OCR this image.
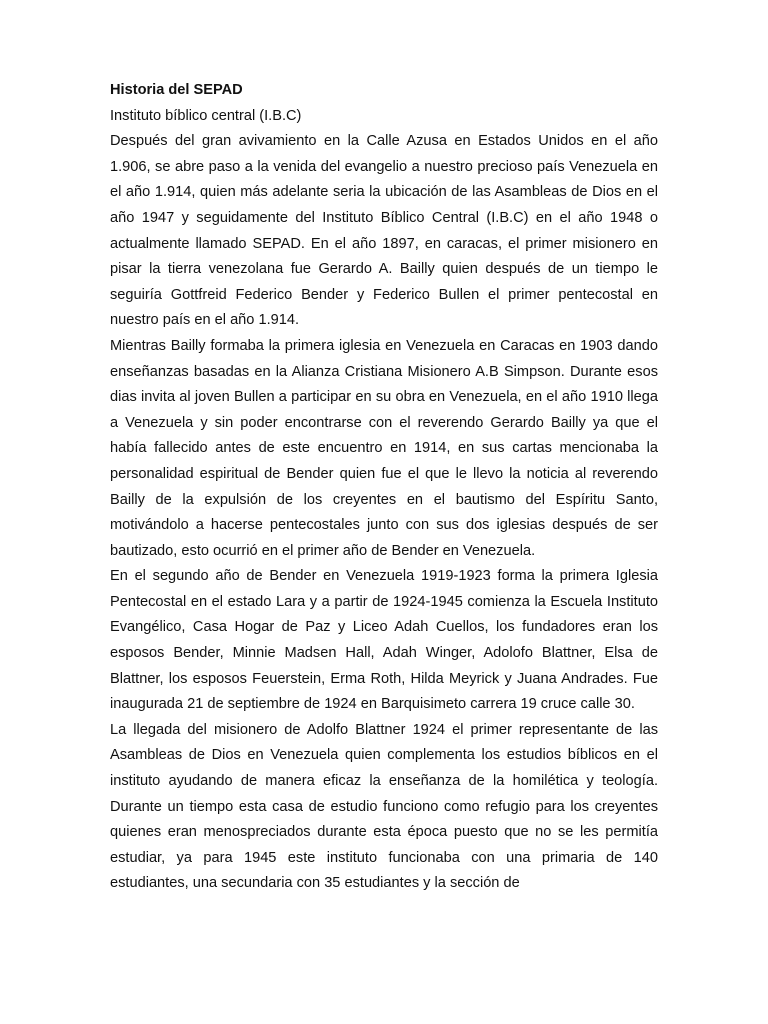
Historia del SEPAD

Instituto bíblico central (I.B.C)

Después del gran avivamiento en la Calle Azusa en Estados Unidos en el año 1.906, se abre paso a la venida del evangelio a nuestro precioso país Venezuela en el año 1.914, quien más adelante seria la ubicación de las Asambleas de Dios en el año 1947 y seguidamente del Instituto Bíblico Central (I.B.C) en el año 1948 o actualmente llamado SEPAD. En el año 1897, en caracas, el primer misionero en pisar la tierra venezolana fue Gerardo A. Bailly quien después de un tiempo le seguiría Gottfreid Federico Bender y Federico Bullen el primer pentecostal en nuestro país en el año 1.914.

Mientras Bailly formaba la primera iglesia en Venezuela en Caracas en 1903 dando enseñanzas basadas en la Alianza Cristiana Misionero A.B Simpson. Durante esos dias invita al joven Bullen a participar en su obra en Venezuela, en el año 1910 llega a Venezuela y sin poder encontrarse con el reverendo Gerardo Bailly ya que el había fallecido antes de este encuentro en 1914, en sus cartas mencionaba la personalidad espiritual de Bender quien fue el que le llevo la noticia al reverendo Bailly de la expulsión de los creyentes en el bautismo del Espíritu Santo, motivándolo a hacerse pentecostales junto con sus dos iglesias después de ser bautizado, esto ocurrió en el primer año de Bender en Venezuela.

En el segundo año de Bender en Venezuela 1919-1923 forma la primera Iglesia Pentecostal en el estado Lara y a partir de 1924-1945 comienza la Escuela Instituto Evangélico, Casa Hogar de Paz y Liceo Adah Cuellos, los fundadores eran los esposos Bender, Minnie Madsen Hall, Adah Winger, Adolofo Blattner, Elsa de Blattner, los esposos Feuerstein, Erma Roth, Hilda Meyrick y Juana Andrades. Fue inaugurada 21 de septiembre de 1924 en Barquisimeto carrera 19 cruce calle 30.

La llegada del misionero de Adolfo Blattner 1924 el primer representante de las Asambleas de Dios en Venezuela quien complementa los estudios bíblicos en el instituto ayudando de manera eficaz la enseñanza de la homilética y teología. Durante un tiempo esta casa de estudio funciono como refugio para los creyentes quienes eran menospreciados durante esta época puesto que no se les permitía estudiar, ya para 1945 este instituto funcionaba con una primaria de 140 estudiantes, una secundaria con 35 estudiantes y la sección de
